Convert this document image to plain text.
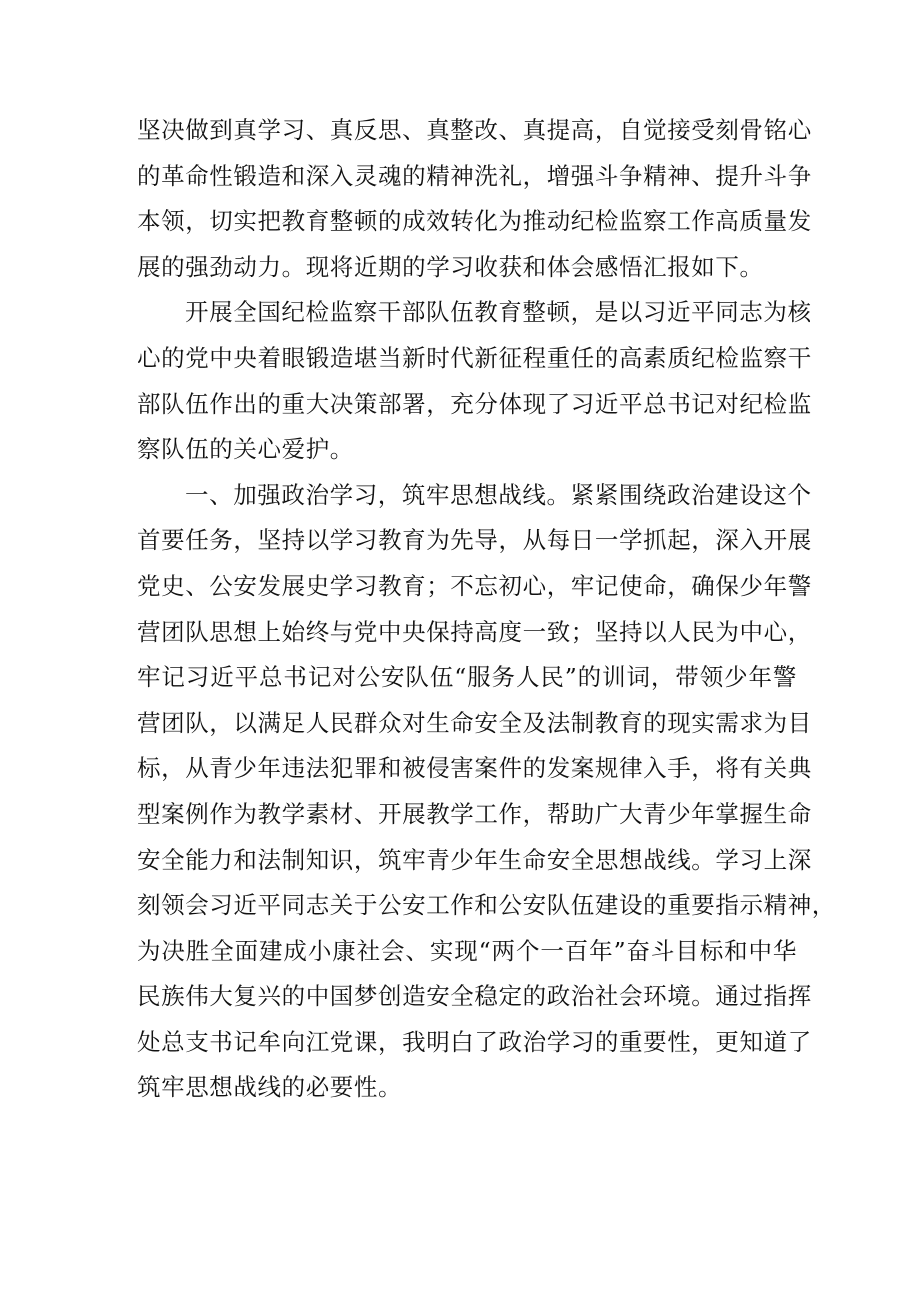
坚决做到真学习、真反思、真整改、真提高，自觉接受刻骨铭心
的革命性锻造和深入灵魂的精神洗礼，增强斗争精神、提升斗争
本领，切实把教育整顿的成效转化为推动纪检监察工作高质量发
展的强劲动力。现将近期的学习收获和体会感悟汇报如下。
开展全国纪检监察干部队伍教育整顿，是以习近平同志为核
心的党中央着眼锻造堪当新时代新征程重任的高素质纪检监察干
部队伍作出的重大决策部署，充分体现了习近平总书记对纪检监
察队伍的关心爱护。
一、加强政治学习，筑牢思想战线。紧紧围绕政治建设这个
首要任务，坚持以学习教育为先导，从每日一学抓起，深入开展
党史、公安发展史学习教育；不忘初心，牢记使命，确保少年警
营团队思想上始终与党中央保持高度一致；坚持以人民为中心，
牢记习近平总书记对公安队伍“服务人民”的训词，带领少年警
营团队，以满足人民群众对生命安全及法制教育的现实需求为目
标，从青少年违法犯罪和被侵害案件的发案规律入手，将有关典
型案例作为教学素材、开展教学工作，帮助广大青少年掌握生命
安全能力和法制知识，筑牢青少年生命安全思想战线。学习上深
刻领会习近平同志关于公安工作和公安队伍建设的重要指示精神，
为决胜全面建成小康社会、实现“两个一百年”奋斗目标和中华
民族伟大复兴的中国梦创造安全稳定的政治社会环境。通过指挥
处总支书记牟向江党课，我明白了政治学习的重要性，更知道了
筑牢思想战线的必要性。
